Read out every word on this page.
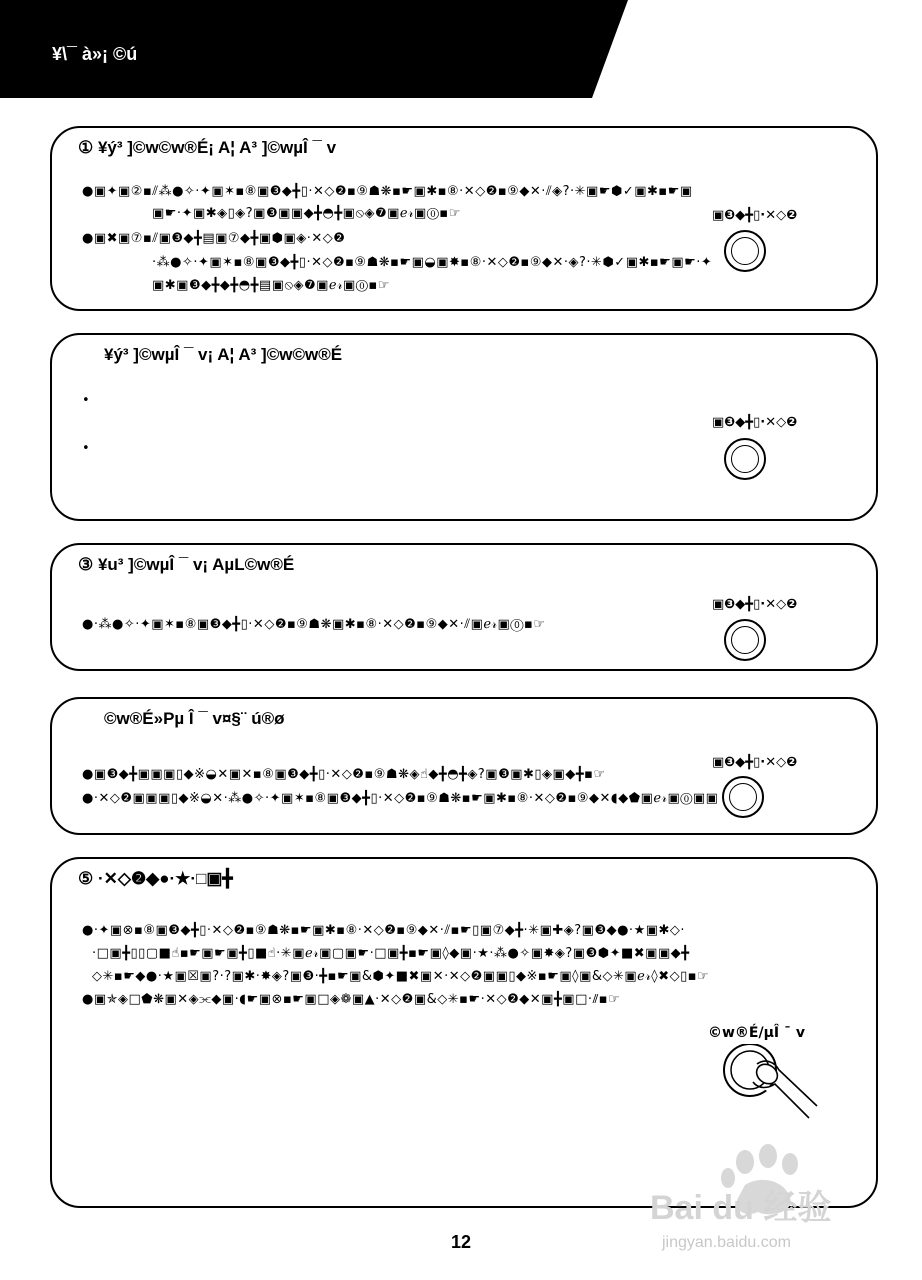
¥\¯ à»¡ ©ú
① ¥ý³ ]©w©w®É¡ A¦ A³ ]©wµÎ ¯ v
●▣✦▣②▪⫽⁂●✧·✦▣✶▪⑧▣❸◆╋▯·✕◇❷▪⑨☗❋▪☛▣✱▪⑧·✕◇❷▪⑨◆✕·⫽◈?·✳▣☛⬢✓▣✱▪☛▣
▣☛·✦▣✱◈▯◈?▣❸▣▣◆╋◓╋▣⦸◈❼▣ℯ𝓇▣⓪▪☞
●▣✖▣⑦▪⫽▣❸◆╋▤▣⑦◆╋▣⬢▣◈·✕◇❷
·⁂●✧·✦▣✶▪⑧▣❸◆╋▯·✕◇❷▪⑨☗❋▪☛▣◒▣✸▪⑧·✕◇❷▪⑨◆✕·◈?·✳⬢✓▣✱▪☛▣☛·✦
▣✱▣❸◆╋◆╋◓╋▤▣⦸◈❼▣ℯ𝓇▣⓪▪☞
▣❸◆╋▯·✕◇❷
¥ý³ ]©wµÎ ¯ v¡ A¦ A³ ]©w©w®É
•
•
▣❸◆╋▯·✕◇❷
③ ¥u³ ]©wµÎ ¯ v¡ AµL©w®É
●·⁂●✧·✦▣✶▪⑧▣❸◆╋▯·✕◇❷▪⑨☗❋▣✱▪⑧·✕◇❷▪⑨◆✕·⫽▣ℯ𝓇▣⓪▪☞
▣❸◆╋▯·✕◇❷
©w®É»Pµ Î ¯ v¤§¨ ú®ø
●▣❸◆╋▣▣▣▯◆※◒✕▣✕▪⑧▣❸◆╋▯·✕◇❷▪⑨☗❋◈☝◆╋◓╋◈?▣❸▣✱▯◈▣◆╋▪☞
●·✕◇❷▣▣▣▯◆※◒✕·⁂●✧·✦▣✶▪⑧▣❸◆╋▯·✕◇❷▪⑨☗❋▪☛▣✱▪⑧·✕◇❷▪⑨◆✕◖◆⬟▣ℯ𝓇▣⓪▣▣
▣❸◆╋▯·✕◇❷
⑤ ·✕◇❷◆●·★·□▣╋
●·✦▣⊗▪⑧▣❸◆╋▯·✕◇❷▪⑨☗❋▪☛▣✱▪⑧·✕◇❷▪⑨◆✕·⫽▪☛▯▣⑦◆╋·✳▣✚◈?▣❸◆●·★▣✱◇·
·□▣╋▯▯▢■☝▪☛▣☛▣╋▯■☝·✳▣ℯ𝓇▣▢▣☛·□▣╋▪☛▣◊◆▣·★·⁂●✧▣✸◈?▣❸⬢✦■✖▣▣◆╋
◇✳▪☛◆●·★▣☒▣?·?▣✱·✸◈?▣❸·╋▪☛▣&⬢✦■✖▣✕·✕◇❷▣▣▯◆※▪☛▣◊▣&◇✳▣ℯ𝓇◊✖◇▯▪☞
●▣✯◈□⬟❋▣✕◈⫘◆▣·◖☛▣⊗▪☛▣□◈❁▣▲·✕◇❷▣&◇✳▪☛·✕◇❷◆✕▣╋▣□·⫽▪☞
©w®É/µÎ ¯ v
12
Bai du 经验
jingyan.baidu.com
